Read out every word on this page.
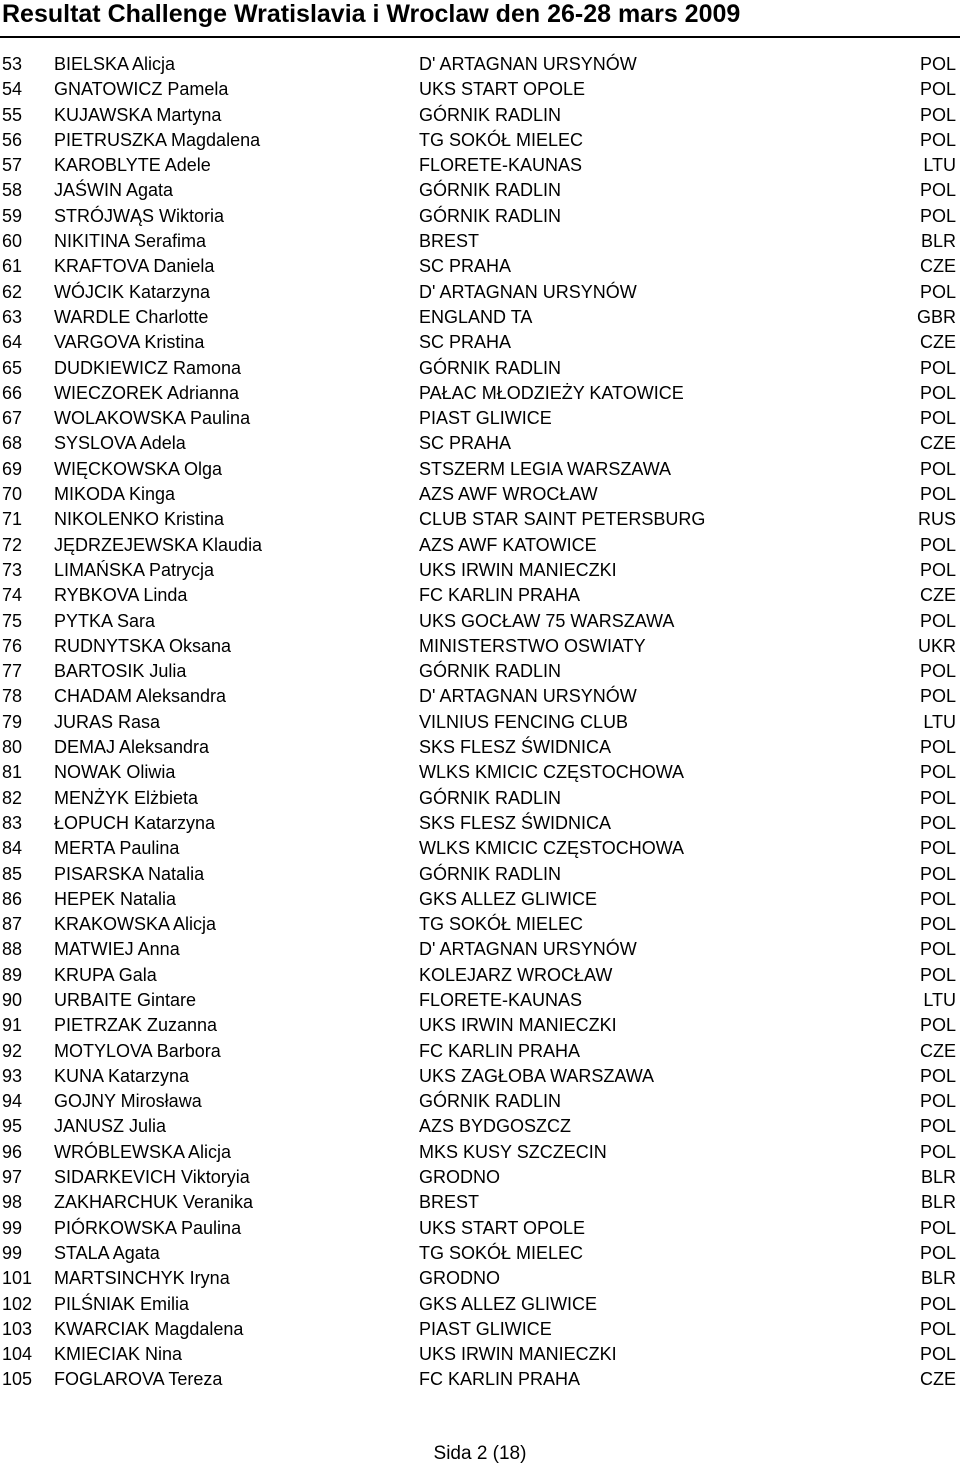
Resultat Challenge Wratislavia i Wroclaw den 26-28 mars 2009
53 BIELSKA Alicja	D' ARTAGNAN URSYNÓW	POL
54 GNATOWICZ Pamela	UKS START OPOLE	POL
55 KUJAWSKA Martyna	GÓRNIK RADLIN	POL
56 PIETRUSZKA Magdalena	TG SOKÓŁ MIELEC	POL
57 KAROBLYTE Adele	FLORETE-KAUNAS	LTU
58 JAŚWIN Agata	GÓRNIK RADLIN	POL
59 STRÓJWĄS Wiktoria	GÓRNIK RADLIN	POL
60 NIKITINA Serafima	BREST	BLR
61 KRAFTOVA Daniela	SC PRAHA	CZE
62 WÓJCIK Katarzyna	D' ARTAGNAN URSYNÓW	POL
63 WARDLE Charlotte	ENGLAND TA	GBR
64 VARGOVA Kristina	SC PRAHA	CZE
65 DUDKIEWICZ Ramona	GÓRNIK RADLIN	POL
66 WIECZOREK Adrianna	PAŁAC MŁODZIEŻY KATOWICE	POL
67 WOLAKOWSKA Paulina	PIAST GLIWICE	POL
68 SYSLOVA Adela	SC PRAHA	CZE
69 WIĘCKOWSKA Olga	STSZERM LEGIA WARSZAWA	POL
70 MIKODA Kinga	AZS AWF WROCŁAW	POL
71 NIKOLENKO Kristina	CLUB STAR SAINT PETERSBURG	RUS
72 JĘDRZEJEWSKA Klaudia	AZS AWF KATOWICE	POL
73 LIMAŃSKA Patrycja	UKS IRWIN MANIECZKI	POL
74 RYBKOVA Linda	FC KARLIN PRAHA	CZE
75 PYTKA Sara	UKS GOCŁAW 75 WARSZAWA	POL
76 RUDNYTSKA Oksana	MINISTERSTWO OSWIATY	UKR
77 BARTOSIK Julia	GÓRNIK RADLIN	POL
78 CHADAM Aleksandra	D' ARTAGNAN URSYNÓW	POL
79 JURAS Rasa	VILNIUS FENCING CLUB	LTU
80 DEMAJ Aleksandra	SKS FLESZ ŚWIDNICA	POL
81 NOWAK Oliwia	WLKS KMICIC CZĘSTOCHOWA	POL
82 MENŻYK Elżbieta	GÓRNIK RADLIN	POL
83 ŁOPUCH Katarzyna	SKS FLESZ ŚWIDNICA	POL
84 MERTA Paulina	WLKS KMICIC CZĘSTOCHOWA	POL
85 PISARSKA Natalia	GÓRNIK RADLIN	POL
86 HEPEK Natalia	GKS ALLEZ GLIWICE	POL
87 KRAKOWSKA Alicja	TG SOKÓŁ MIELEC	POL
88 MATWIEJ Anna	D' ARTAGNAN URSYNÓW	POL
89 KRUPA Gala	KOLEJARZ WROCŁAW	POL
90 URBAITE Gintare	FLORETE-KAUNAS	LTU
91 PIETRZAK Zuzanna	UKS IRWIN MANIECZKI	POL
92 MOTYLOVA Barbora	FC KARLIN PRAHA	CZE
93 KUNA Katarzyna	UKS ZAGŁOBA WARSZAWA	POL
94 GOJNY Mirosława	GÓRNIK RADLIN	POL
95 JANUSZ Julia	AZS BYDGOSZCZ	POL
96 WRÓBLEWSKA Alicja	MKS KUSY SZCZECIN	POL
97 SIDARKEVICH Viktoryia	GRODNO	BLR
98 ZAKHARCHUK Veranika	BREST	BLR
99 PIÓRKOWSKA Paulina	UKS START OPOLE	POL
99 STALA Agata	TG SOKÓŁ MIELEC	POL
101 MARTSINCHYK Iryna	GRODNO	BLR
102 PILŚNIAK Emilia	GKS ALLEZ GLIWICE	POL
103 KWARCIAK Magdalena	PIAST GLIWICE	POL
104 KMIECIAK Nina	UKS IRWIN MANIECZKI	POL
105 FOGLAROVA Tereza	FC KARLIN PRAHA	CZE
Sida 2 (18)
